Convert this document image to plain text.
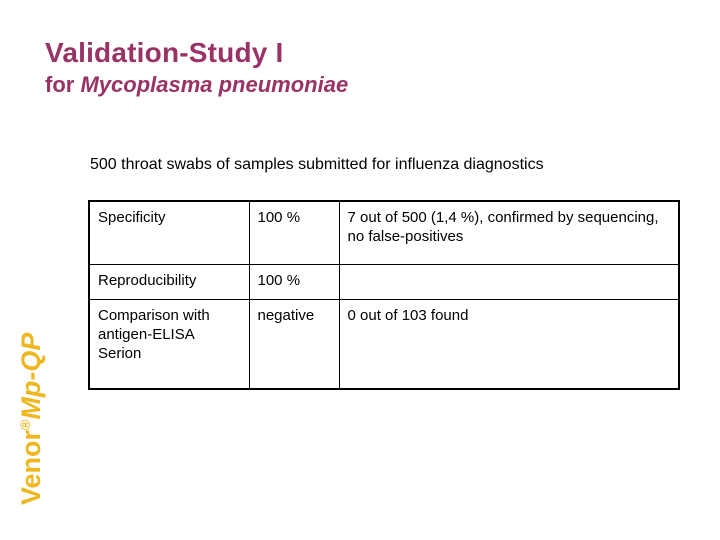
Validation-Study I
for Mycoplasma pneumoniae
500 throat swabs of samples submitted for influenza diagnostics
Specificity	100 %	7 out of 500 (1,4 %), confirmed by sequencing, no false-positives
Reproducibility	100 %	
Comparison with antigen-ELISA Serion	negative	0 out of 103 found
Venor®Mp-QP
